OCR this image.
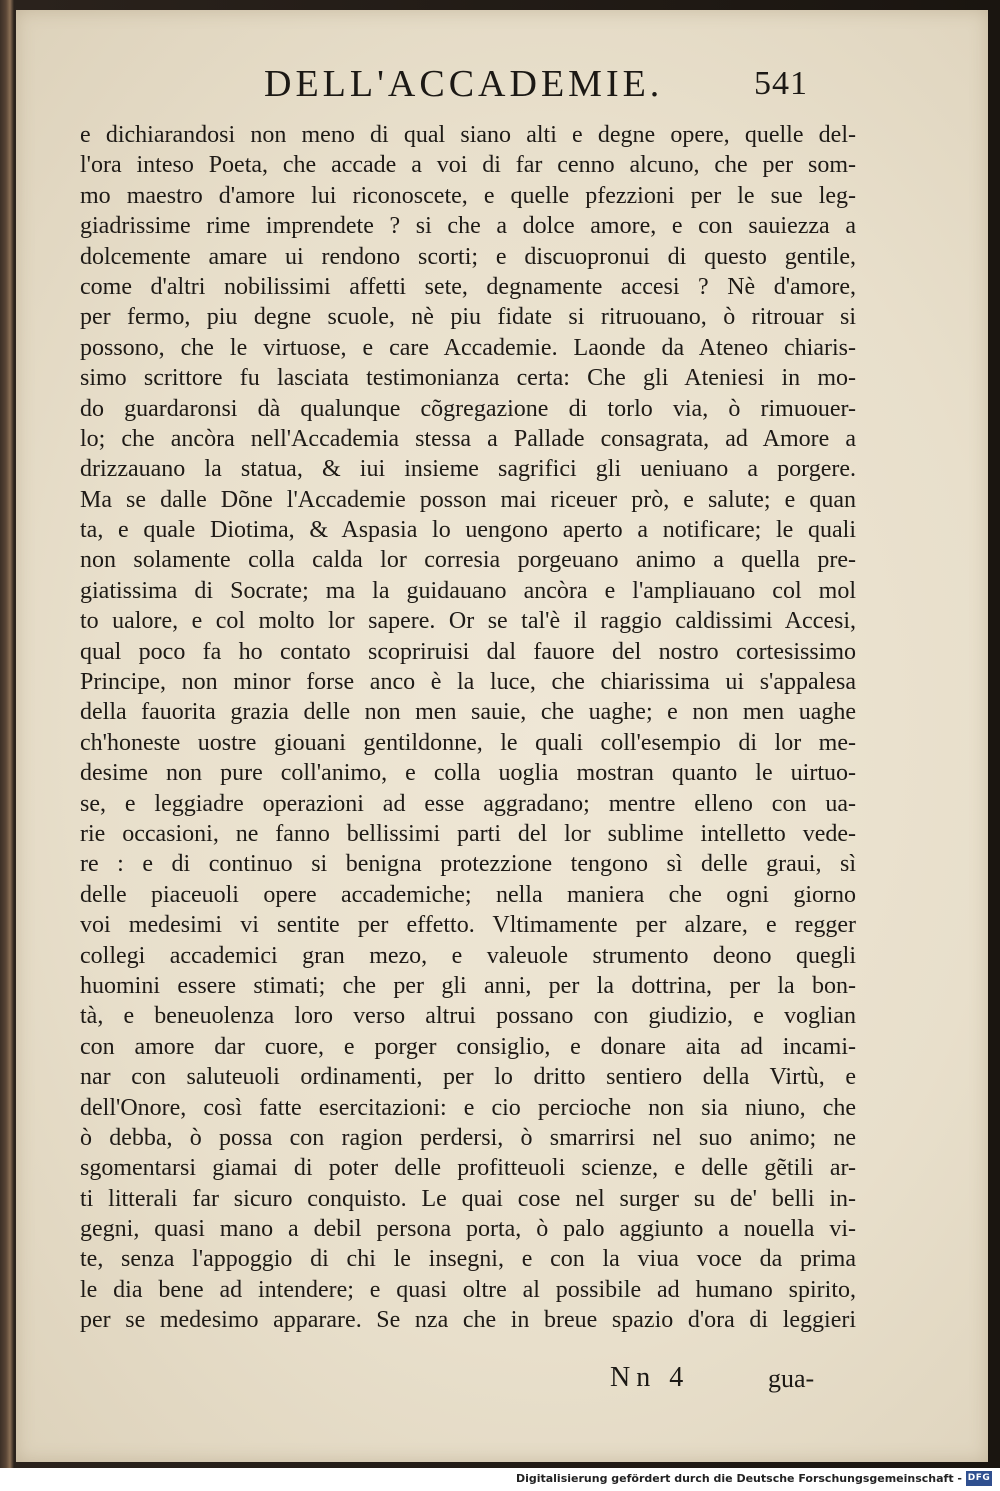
DELL'ACCADEMIE.	541
e dichiarandosi non meno di qual siano alti e degne opere, quelle del-
l'ora inteso Poeta, che accade a voi di far cenno alcuno, che per som-
mo maestro d'amore lui riconoscete, e quelle pfezzioni per le sue leg-
giadrissime rime imprendete ? si che a dolce amore, e con sauiezza a
dolcemente amare ui rendono scorti; e discuopronui di questo gentile,
come d'altri nobilissimi affetti sete, degnamente accesi ? Nè d'amore,
per fermo, piu degne scuole, nè piu fidate si ritruouano, ò ritrouar si
possono, che le virtuose, e care Accademie. Laonde da Ateneo chiaris-
simo scrittore fu lasciata testimonianza certa: Che gli Ateniesi in mo-
do guardaronsi dà qualunque cõgregazione di torlo via, ò rimuouer-
lo; che ancòra nell'Accademia stessa a Pallade consagrata, ad Amore a
drizzauano la statua, & iui insieme sagrifici gli ueniuano a porgere.
Ma se dalle Dõne l'Accademie posson mai riceuer prò, e salute; e quan
ta, e quale Diotima, & Aspasia lo uengono aperto a notificare; le quali
non solamente colla calda lor corresia porgeuano animo a quella pre-
giatissima di Socrate; ma la guidauano ancòra e l'ampliauano col mol
to ualore, e col molto lor sapere. Or se tal'è il raggio caldissimi Accesi,
qual poco fa ho contato scopriruisi dal fauore del nostro cortesissimo
Principe, non minor forse anco è la luce, che chiarissima ui s'appalesa
della fauorita grazia delle non men sauie, che uaghe; e non men uaghe
ch'honeste uostre giouani gentildonne, le quali coll'esempio di lor me-
desime non pure coll'animo, e colla uoglia mostran quanto le uirtuo-
se, e leggiadre operazioni ad esse aggradano; mentre elleno con ua-
rie occasioni, ne fanno bellissimi parti del lor sublime intelletto vede-
re : e di continuo si benigna protezzione tengono sì delle graui, sì
delle piaceuoli opere accademiche; nella maniera che ogni giorno
voi medesimi vi sentite per effetto. Vltimamente per alzare, e regger
collegi accademici gran mezo, e valeuole strumento deono quegli
huomini essere stimati; che per gli anni, per la dottrina, per la bon-
tà, e beneuolenza loro verso altrui possano con giudizio, e voglian
con amore dar cuore, e porger consiglio, e donare aita ad incami-
nar con saluteuoli ordinamenti, per lo dritto sentiero della Virtù, e
dell'Onore, così fatte esercitazioni: e cio percioche non sia niuno, che
ò debba, ò possa con ragion perdersi, ò smarrirsi nel suo animo; ne
sgomentarsi giamai di poter delle profitteuoli scienze, e delle gẽtili ar-
ti litterali far sicuro conquisto. Le quai cose nel surger su de' belli in-
gegni, quasi mano a debil persona porta, ò palo aggiunto a nouella vi-
te, senza l'appoggio di chi le insegni, e con la viua voce da prima
le dia bene ad intendere; e quasi oltre al possibile ad humano spirito,
per se medesimo apparare. Se nza che in breue spazio d'ora di leggieri
Nn 4	gua-
Digitalisierung gefördert durch die Deutsche Forschungsgemeinschaft - DFG
